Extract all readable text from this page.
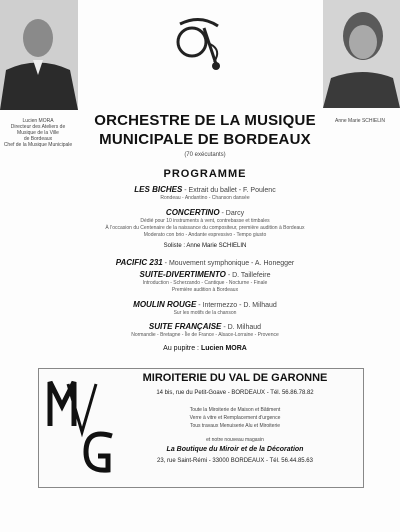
Lucien MORA
Directeur des Ateliers de
Musique de la Ville
de Bordeaux
Chef de la Musique Municipale
Anne Marie SCHIELIN
ORCHESTRE DE LA MUSIQUE
MUNICIPALE DE BORDEAUX
(70 exécutants)
PROGRAMME
LES BICHES - Extrait du ballet - F. Poulenc
Rondeau - Andantino - Chanson dansée
CONCERTINO - Darcy
Dédié pour 10 instruments à vent, contrebasse et timbales
À l'occasion du Centenaire de la naissance du compositeur, première audition à Bordeaux
Moderato con brio - Andante espressivo - Tempo giusto
Soliste : Anne Marie SCHIELIN
PACIFIC 231 - Mouvement symphonique - A. Honegger
SUITE-DIVERTIMENTO - D. Taillefeire
Introduction - Scherzando - Cantique - Nocturne - Finale
Première audition à Bordeaux
MOULIN ROUGE - Intermezzo - D. Milhaud
Sur les motifs de la chanson
SUITE FRANÇAISE - D. Milhaud
Normandie - Bretagne - Île de France - Alsace-Lorraine - Provence
Au pupitre : Lucien MORA
MIROITERIE DU VAL DE GARONNE
14 bis, rue du Petit-Goave - BORDEAUX - Tél. 56.86.78.82
Toute la Miroiterie de Maison et Bâtiment
Verre à vitre et Remplacement d'urgence
Tous travaux Menuiserie Alu et Miroiterie
et notre nouveau magasin
La Boutique du Miroir et de la Décoration
23, rue Saint-Rémi - 33000 BORDEAUX - Tél. 56.44.85.63
